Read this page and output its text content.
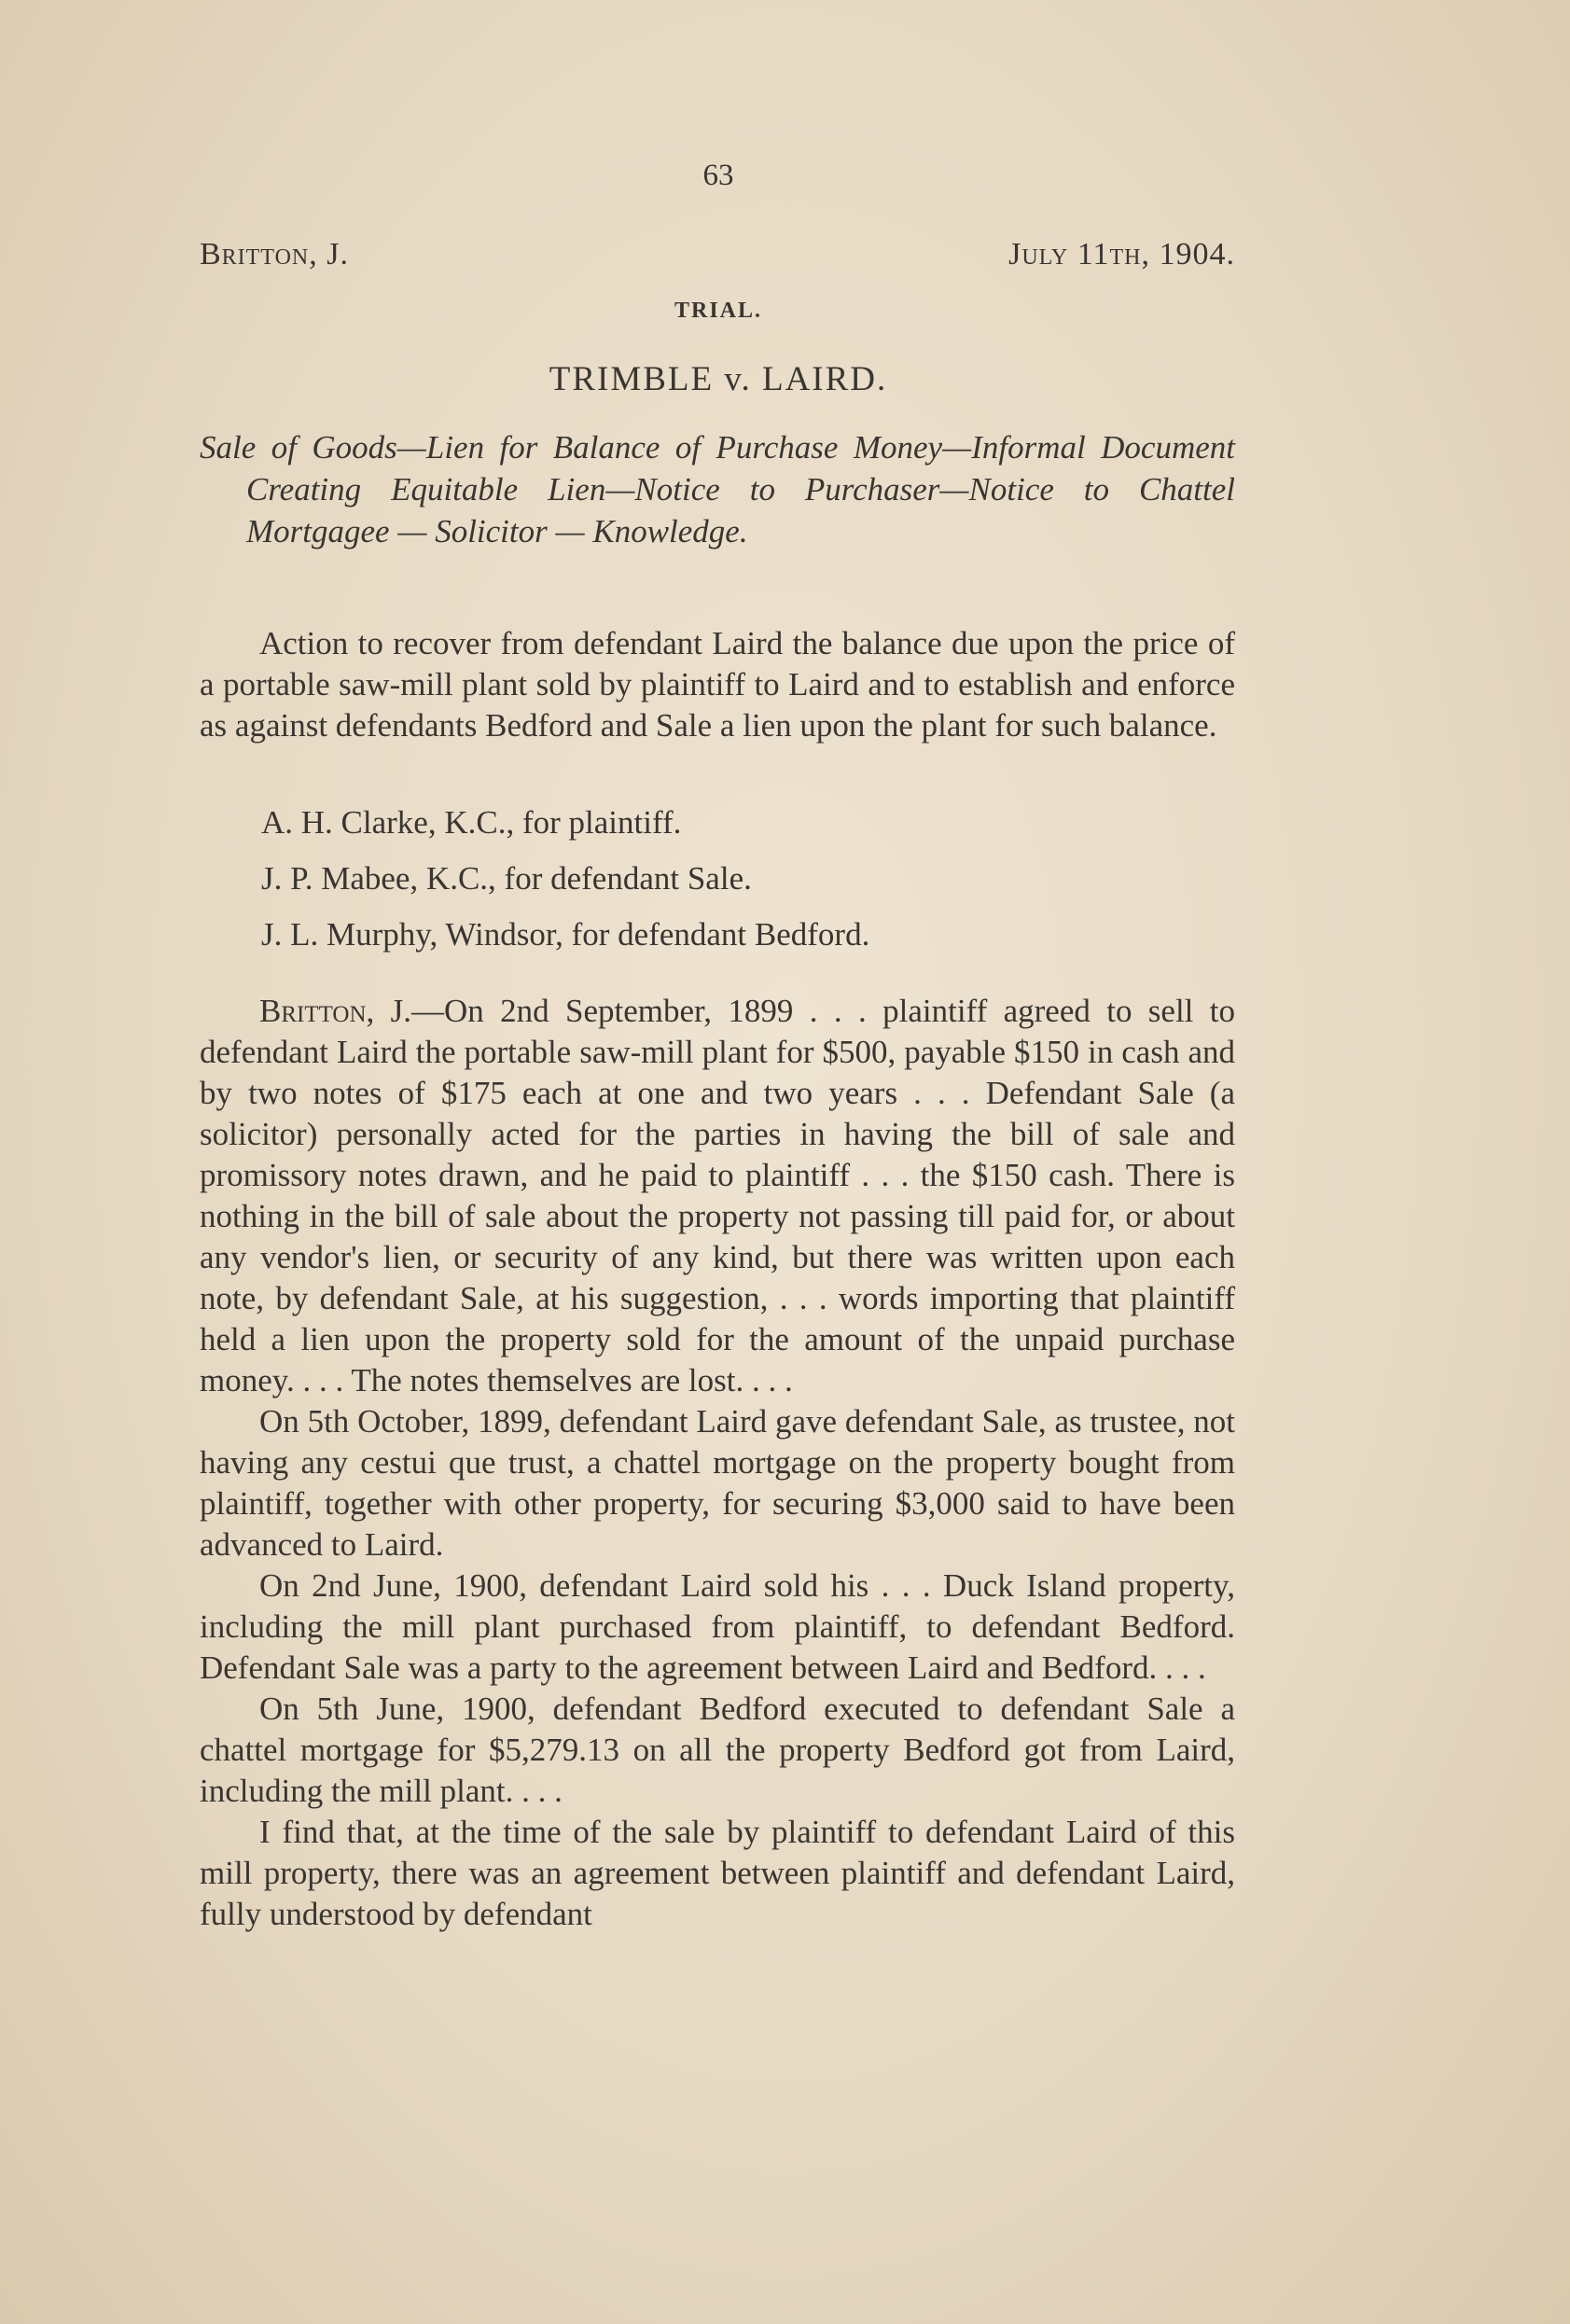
63
Britton, J.	July 11th, 1904.
TRIAL.
TRIMBLE v. LAIRD.
Sale of Goods—Lien for Balance of Purchase Money—Informal Document Creating Equitable Lien—Notice to Purchaser—Notice to Chattel Mortgagee — Solicitor — Knowledge.

Action to recover from defendant Laird the balance due upon the price of a portable saw-mill plant sold by plaintiff to Laird and to establish and enforce as against defendants Bedford and Sale a lien upon the plant for such balance.

A. H. Clarke, K.C., for plaintiff.
J. P. Mabee, K.C., for defendant Sale.
J. L. Murphy, Windsor, for defendant Bedford.

Britton, J.—On 2nd September, 1899 . . . plaintiff agreed to sell to defendant Laird the portable saw-mill plant for $500, payable $150 in cash and by two notes of $175 each at one and two years . . . Defendant Sale (a solicitor) personally acted for the parties in having the bill of sale and promissory notes drawn, and he paid to plaintiff . . . the $150 cash. There is nothing in the bill of sale about the property not passing till paid for, or about any vendor's lien, or security of any kind, but there was written upon each note, by defendant Sale, at his suggestion, . . . words importing that plaintiff held a lien upon the property sold for the amount of the unpaid purchase money. . . . The notes themselves are lost. . . .

On 5th October, 1899, defendant Laird gave defendant Sale, as trustee, not having any cestui que trust, a chattel mortgage on the property bought from plaintiff, together with other property, for securing $3,000 said to have been advanced to Laird.

On 2nd June, 1900, defendant Laird sold his . . . Duck Island property, including the mill plant purchased from plaintiff, to defendant Bedford. Defendant Sale was a party to the agreement between Laird and Bedford. . . .

On 5th June, 1900, defendant Bedford executed to defendant Sale a chattel mortgage for $5,279.13 on all the property Bedford got from Laird, including the mill plant. . . .

I find that, at the time of the sale by plaintiff to defendant Laird of this mill property, there was an agreement between plaintiff and defendant Laird, fully understood by defendant
